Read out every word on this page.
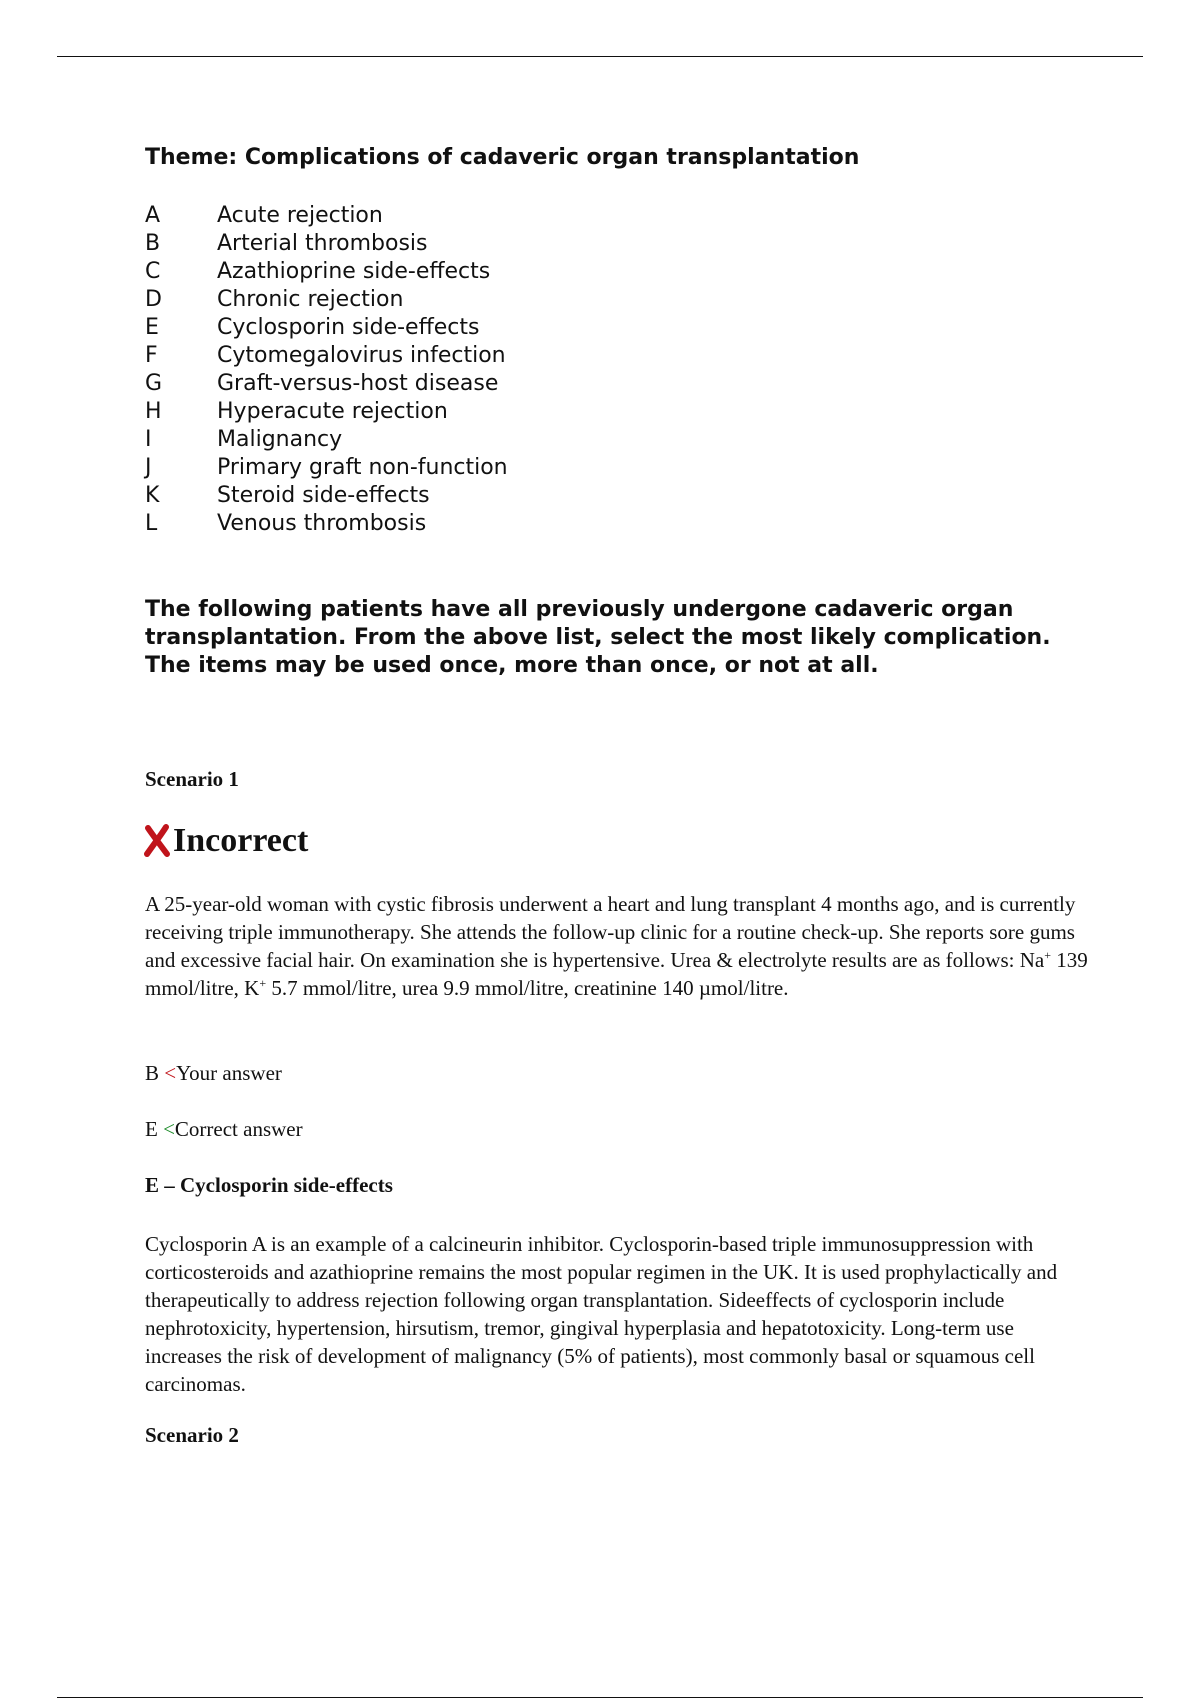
Theme: Complications of cadaveric organ transplantation
A	Acute rejection
B	Arterial thrombosis
C	Azathioprine side-effects
D	Chronic rejection
E	Cyclosporin side-effects
F	Cytomegalovirus infection
G Graft-versus-host disease
H	Hyperacute rejection
I	Malignancy
J	Primary graft non-function
K	Steroid side-effects
L	Venous thrombosis
The following patients have all previously undergone cadaveric organ transplantation. From the above list, select the most likely complication. The items may be used once, more than once, or not at all.
Scenario 1
Incorrect
A 25-year-old woman with cystic fibrosis underwent a heart and lung transplant 4 months ago, and is currently receiving triple immunotherapy. She attends the follow-up clinic for a routine check-up. She reports sore gums and excessive facial hair. On examination she is hypertensive. Urea & electrolyte results are as follows: Na+ 139 mmol/litre, K+ 5.7 mmol/litre, urea 9.9 mmol/litre, creatinine 140 µmol/litre.
B <Your answer
E <Correct answer
E – Cyclosporin side-effects
Cyclosporin A is an example of a calcineurin inhibitor. Cyclosporin-based triple immunosuppression with corticosteroids and azathioprine remains the most popular regimen in the UK. It is used prophylactically and therapeutically to address rejection following organ transplantation. Sideeffects of cyclosporin include nephrotoxicity, hypertension, hirsutism, tremor, gingival hyperplasia and hepatotoxicity. Long-term use increases the risk of development of malignancy (5% of patients), most commonly basal or squamous cell carcinomas.
Scenario 2
